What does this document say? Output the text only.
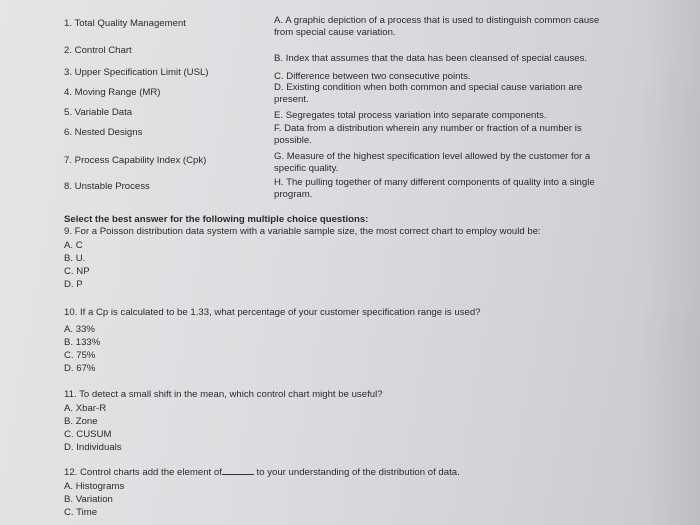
1. Total Quality Management
2. Control Chart
3. Upper Specification Limit (USL)
4. Moving Range (MR)
5. Variable Data
6. Nested Designs
7. Process Capability Index (Cpk)
8. Unstable Process
A. A graphic depiction of a process that is used to distinguish common cause from special cause variation.
B. Index that assumes that the data has been cleansed of special causes.
C. Difference between two consecutive points.
D. Existing condition when both common and special cause variation are present.
E. Segregates total process variation into separate components.
F. Data from a distribution wherein any number or fraction of a number is possible.
G. Measure of the highest specification level allowed by the customer for a specific quality.
H. The pulling together of many different components of quality into a single program.
Select the best answer for the following multiple choice questions:
9. For a Poisson distribution data system with a variable sample size, the most correct chart to employ would be:
A. C
B. U.
C. NP
D. P
10. If a Cp is calculated to be 1.33, what percentage of your customer specification range is used?
A. 33%
B. 133%
C. 75%
D. 67%
11. To detect a small shift in the mean, which control chart might be useful?
A. Xbar-R
B. Zone
C. CUSUM
D. Individuals
12. Control charts add the element of	to your understanding of the distribution of data.
A. Histograms
B. Variation
C. Time
